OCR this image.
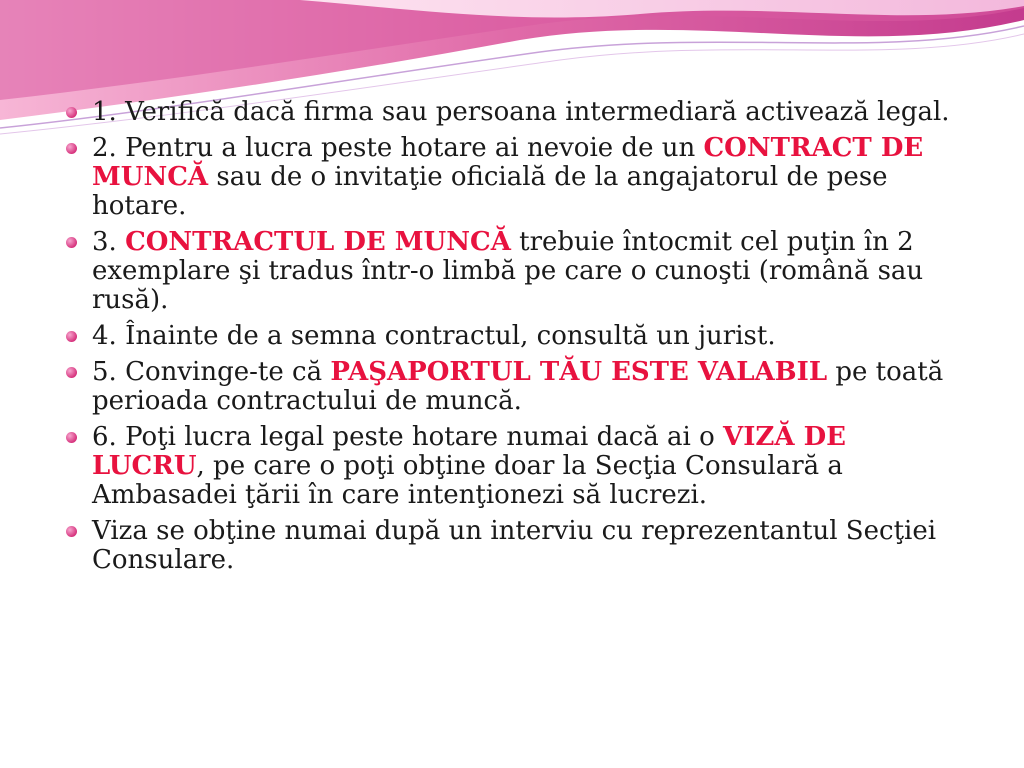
1. Verifică dacă firma sau persoana intermediară activează legal.
2. Pentru a lucra peste hotare ai nevoie de un CONTRACT DE MUNCĂ sau de o invitaţie oficială de la angajatorul de pese hotare.
3. CONTRACTUL DE MUNCĂ trebuie întocmit cel puţin în 2 exemplare şi tradus într-o limbă pe care o cunoşti (română sau rusă).
4. Înainte de a semna contractul, consultă un jurist.
5. Convinge-te că PAŞAPORTUL TĂU ESTE VALABIL pe toată perioada contractului de muncă.
6. Poţi lucra legal peste hotare numai dacă ai o VIZĂ DE LUCRU, pe care o poţi obţine doar la Secţia Consulară a Ambasadei ţării în care intenţionezi să lucrezi.
Viza se obţine numai după un interviu cu reprezentantul Secţiei Consulare.
